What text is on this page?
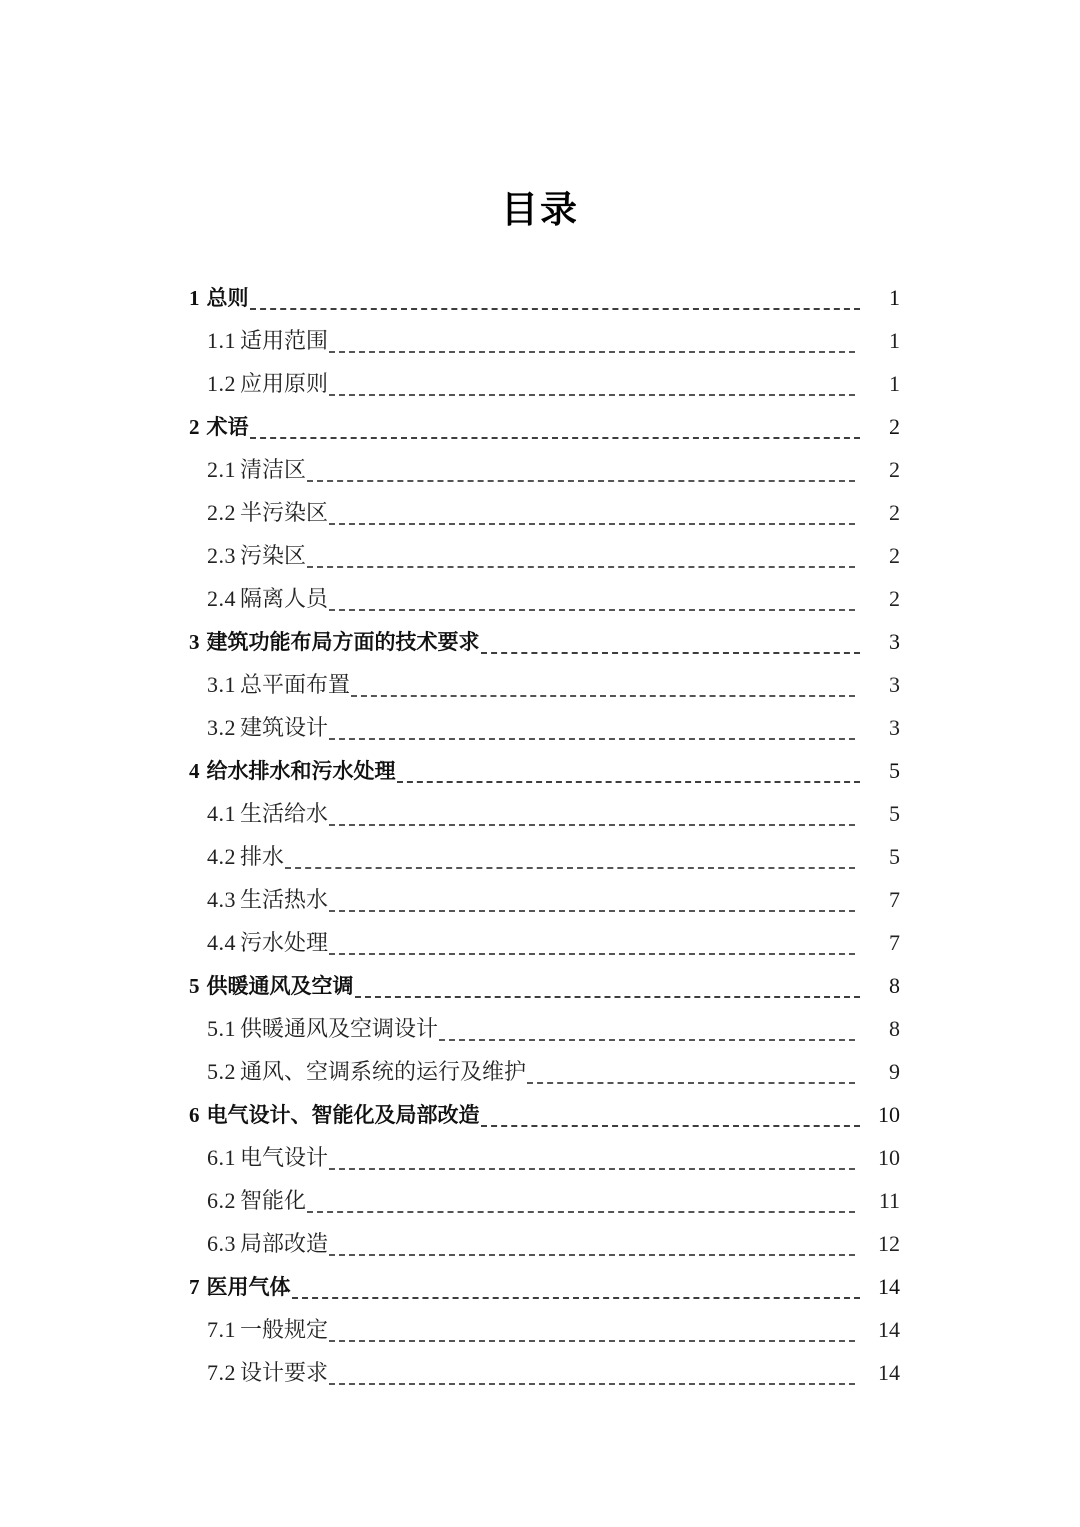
目录
1 总则	1
1.1 适用范围	1
1.2 应用原则	1
2 术语	2
2.1 清洁区	2
2.2 半污染区	2
2.3 污染区	2
2.4 隔离人员	2
3 建筑功能布局方面的技术要求	3
3.1 总平面布置	3
3.2 建筑设计	3
4 给水排水和污水处理	5
4.1 生活给水	5
4.2 排水	5
4.3 生活热水	7
4.4 污水处理	7
5 供暖通风及空调	8
5.1 供暖通风及空调设计	8
5.2 通风、空调系统的运行及维护	9
6 电气设计、智能化及局部改造	10
6.1 电气设计	10
6.2 智能化	11
6.3 局部改造	12
7 医用气体	14
7.1 一般规定	14
7.2 设计要求	14
